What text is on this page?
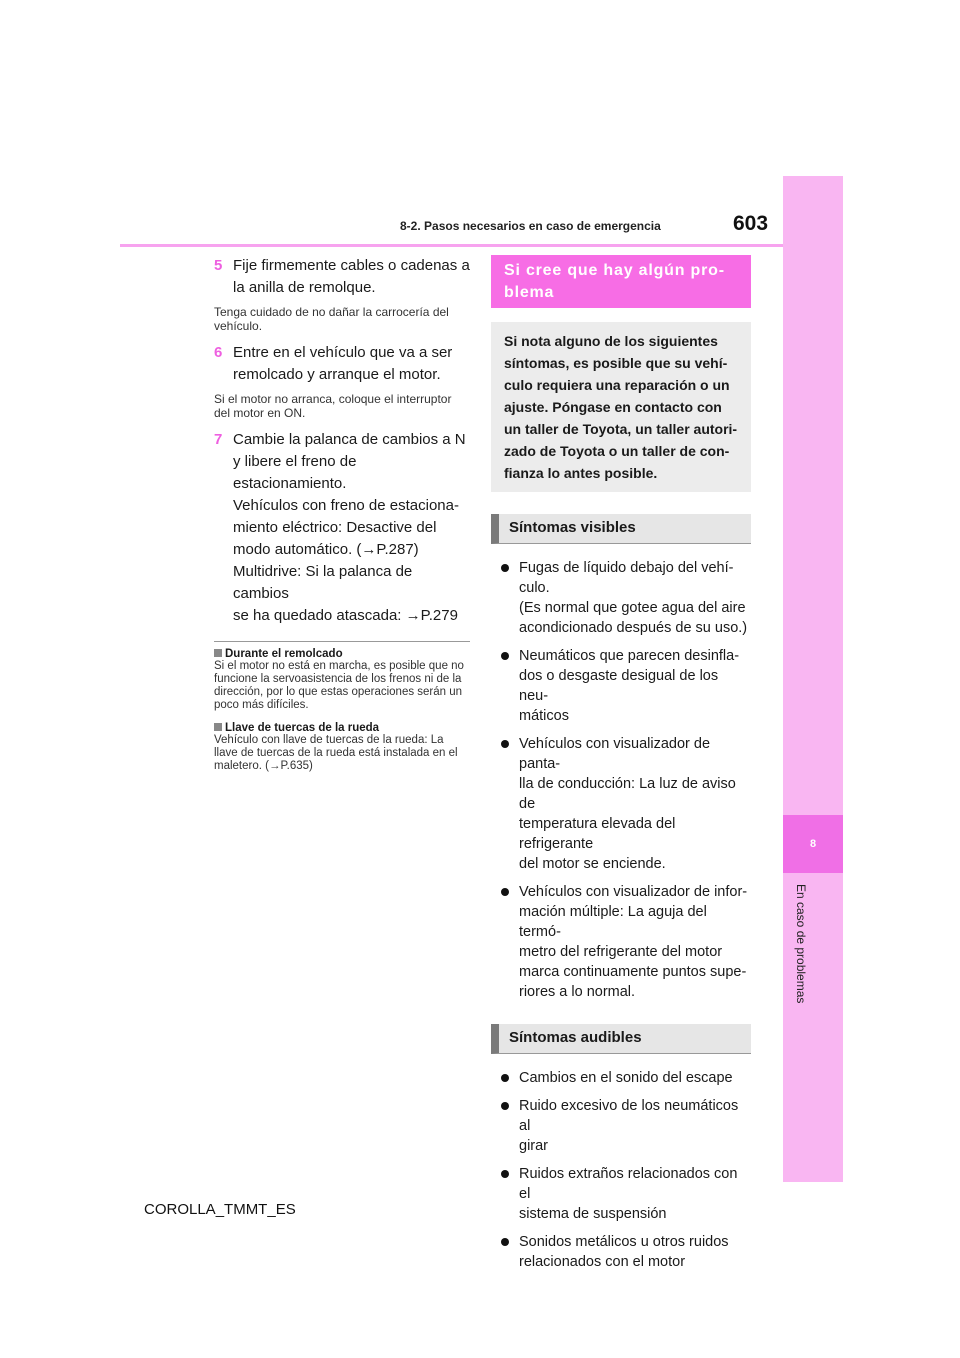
8
En caso de problemas
8-2. Pasos necesarios en caso de emergencia	603
5 Fije firmemente cables o cadenas a
la anilla de remolque.

Tenga cuidado de no dañar la carrocería del vehículo.

6 Entre en el vehículo que va a ser
remolcado y arranque el motor.

Si el motor no arranca, coloque el interruptor del motor en ON.

7 Cambie la palanca de cambios a N
y libere el freno de estacionamiento.
Vehículos con freno de estaciona-
miento eléctrico: Desactive del
modo automático. (→P.287)
Multidrive: Si la palanca de cambios
se ha quedado atascada: →P.279
Durante el remolcado
Si el motor no está en marcha, es posible que no funcione la servoasistencia de los frenos ni de la dirección, por lo que estas operaciones serán un poco más difíciles.
Llave de tuercas de la rueda
Vehículo con llave de tuercas de la rueda: La llave de tuercas de la rueda está instalada en el maletero. (→P.635)
Si cree que hay algún pro-
blema
Si nota alguno de los siguientes
síntomas, es posible que su vehí-
culo requiera una reparación o un
ajuste. Póngase en contacto con
un taller de Toyota, un taller autori-
zado de Toyota o un taller de con-
fianza lo antes posible.
Síntomas visibles
Fugas de líquido debajo del vehí-
culo.
(Es normal que gotee agua del aire
acondicionado después de su uso.)
Neumáticos que parecen desinfla-
dos o desgaste desigual de los neu-
máticos
Vehículos con visualizador de panta-
lla de conducción: La luz de aviso de
temperatura elevada del refrigerante
del motor se enciende.
Vehículos con visualizador de infor-
mación múltiple: La aguja del termó-
metro del refrigerante del motor
marca continuamente puntos supe-
riores a lo normal.
Síntomas audibles
Cambios en el sonido del escape
Ruido excesivo de los neumáticos al
girar
Ruidos extraños relacionados con el
sistema de suspensión
Sonidos metálicos u otros ruidos
relacionados con el motor
COROLLA_TMMT_ES
